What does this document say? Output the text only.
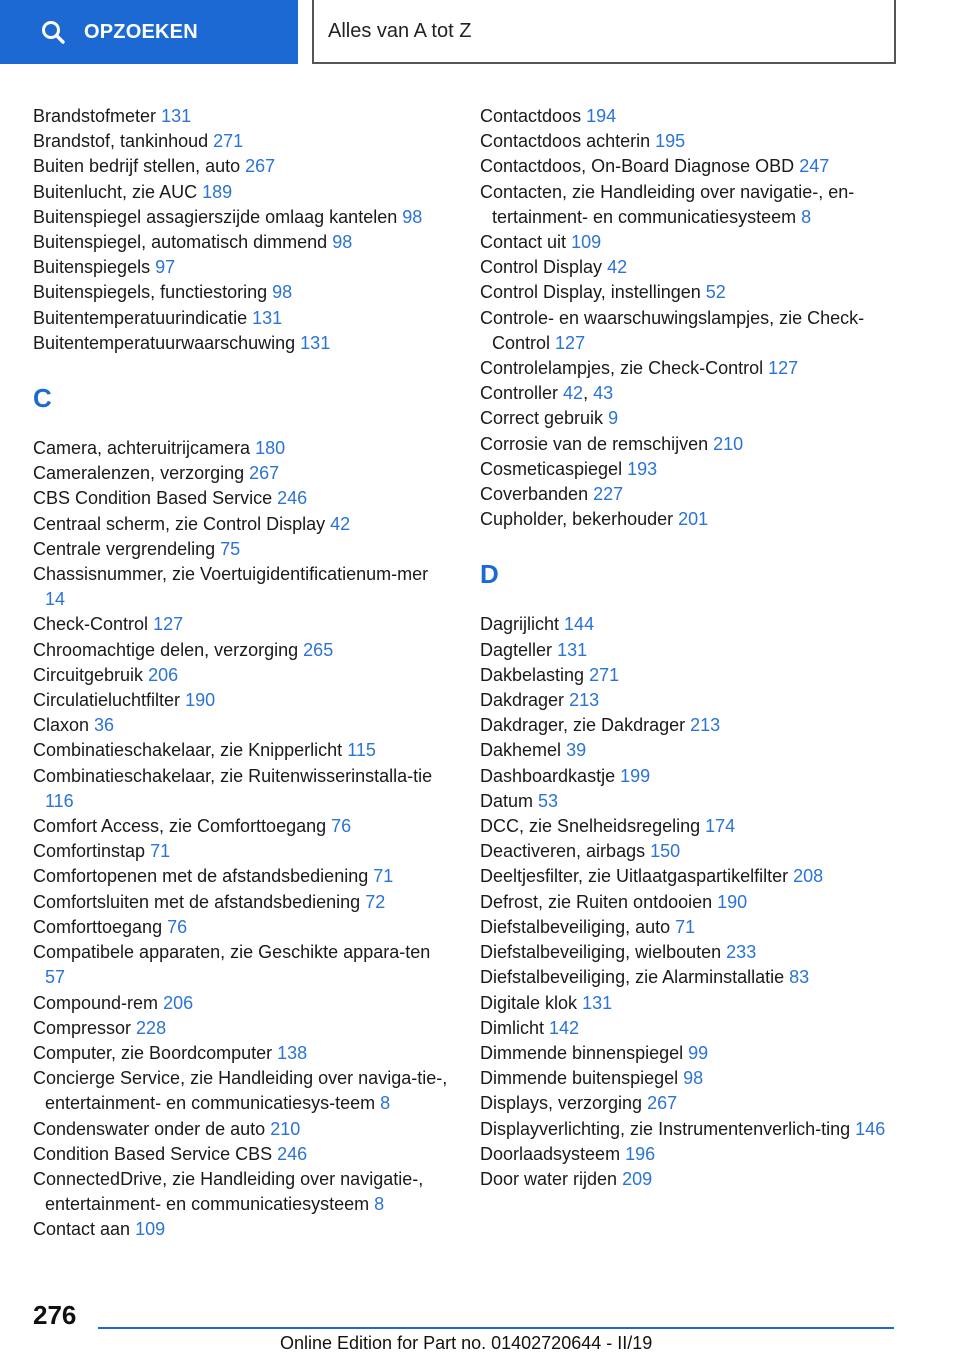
OPZOEKEN	Alles van A tot Z
Brandstofmeter 131
Brandstof, tankinhoud 271
Buiten bedrijf stellen, auto 267
Buitenlucht, zie AUC 189
Buitenspiegel assagierszijde omlaag kantelen 98
Buitenspiegel, automatisch dimmend 98
Buitenspiegels 97
Buitenspiegels, functiestoring 98
Buitentemperatuurindicatie 131
Buitentemperatuurwaarschuwing 131
C
Camera, achteruitrijcamera 180
Cameralenzen, verzorging 267
CBS Condition Based Service 246
Centraal scherm, zie Control Display 42
Centrale vergrendeling 75
Chassisnummer, zie Voertuigidentificatienum-mer 14
Check-Control 127
Chroomachtige delen, verzorging 265
Circuitgebruik 206
Circulatieluchtfilter 190
Claxon 36
Combinatieschakelaar, zie Knipperlicht 115
Combinatieschakelaar, zie Ruitenwisserinstalla-tie 116
Comfort Access, zie Comforttoegang 76
Comfortinstap 71
Comfortopenen met de afstandsbediening 71
Comfortsluiten met de afstandsbediening 72
Comforttoegang 76
Compatibele apparaten, zie Geschikte appara-ten 57
Compound-rem 206
Compressor 228
Computer, zie Boordcomputer 138
Concierge Service, zie Handleiding over naviga-tie-, entertainment- en communicatiesys-teem 8
Condenswater onder de auto 210
Condition Based Service CBS 246
ConnectedDrive, zie Handleiding over navigatie-, entertainment- en communicatiesysteem 8
Contact aan 109
Contactdoos 194
Contactdoos achterin 195
Contactdoos, On-Board Diagnose OBD 247
Contacten, zie Handleiding over navigatie-, en-tertainment- en communicatiesysteem 8
Contact uit 109
Control Display 42
Control Display, instellingen 52
Controle- en waarschuwingslampjes, zie Check-Control 127
Controlelampjes, zie Check-Control 127
Controller 42, 43
Correct gebruik 9
Corrosie van de remschijven 210
Cosmeticaspiegel 193
Coverbanden 227
Cupholder, bekerhouder 201
D
Dagrijlicht 144
Dagteller 131
Dakbelasting 271
Dakdrager 213
Dakdrager, zie Dakdrager 213
Dakhemel 39
Dashboardkastje 199
Datum 53
DCC, zie Snelheidsregeling 174
Deactiveren, airbags 150
Deeltjesfilter, zie Uitlaatgaspartikelfilter 208
Defrost, zie Ruiten ontdooien 190
Diefstalbeveiliging, auto 71
Diefstalbeveiliging, wielbouten 233
Diefstalbeveiliging, zie Alarminstallatie 83
Digitale klok 131
Dimlicht 142
Dimmende binnenspiegel 99
Dimmende buitenspiegel 98
Displays, verzorging 267
Displayverlichting, zie Instrumentenverlich-ting 146
Doorlaadsysteem 196
Door water rijden 209
276
Online Edition for Part no. 01402720644 - II/19
